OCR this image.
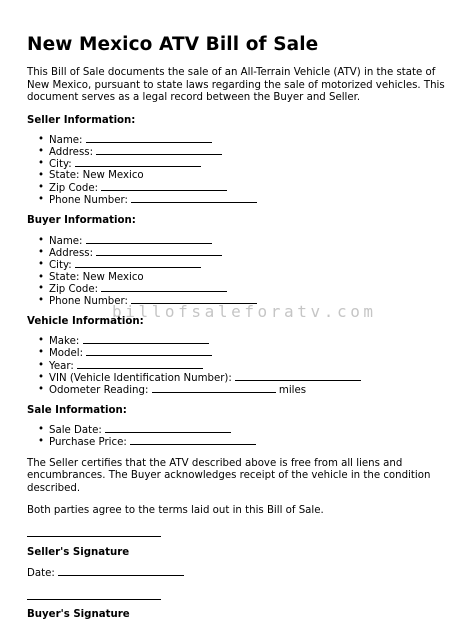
New Mexico ATV Bill of Sale

This Bill of Sale documents the sale of an All-Terrain Vehicle (ATV) in the state of New Mexico, pursuant to state laws regarding the sale of motorized vehicles. This document serves as a legal record between the Buyer and Seller.

Seller Information:
• Name:
• Address:
• City:
• State: New Mexico
• Zip Code:
• Phone Number:
Buyer Information:
• Name:
• Address:
• City:
• State: New Mexico
• Zip Code:
• Phone Number:
Vehicle Information:
• Make:
• Model:
• Year:
• VIN (Vehicle Identification Number):
• Odometer Reading:	miles
Sale Information:
• Sale Date:
• Purchase Price:

The Seller certifies that the ATV described above is free from all liens and encumbrances. The Buyer acknowledges receipt of the vehicle in the condition described.

Both parties agree to the terms laid out in this Bill of Sale.

Seller's Signature
Date:
Buyer's Signature
billofsaleforatv.com
